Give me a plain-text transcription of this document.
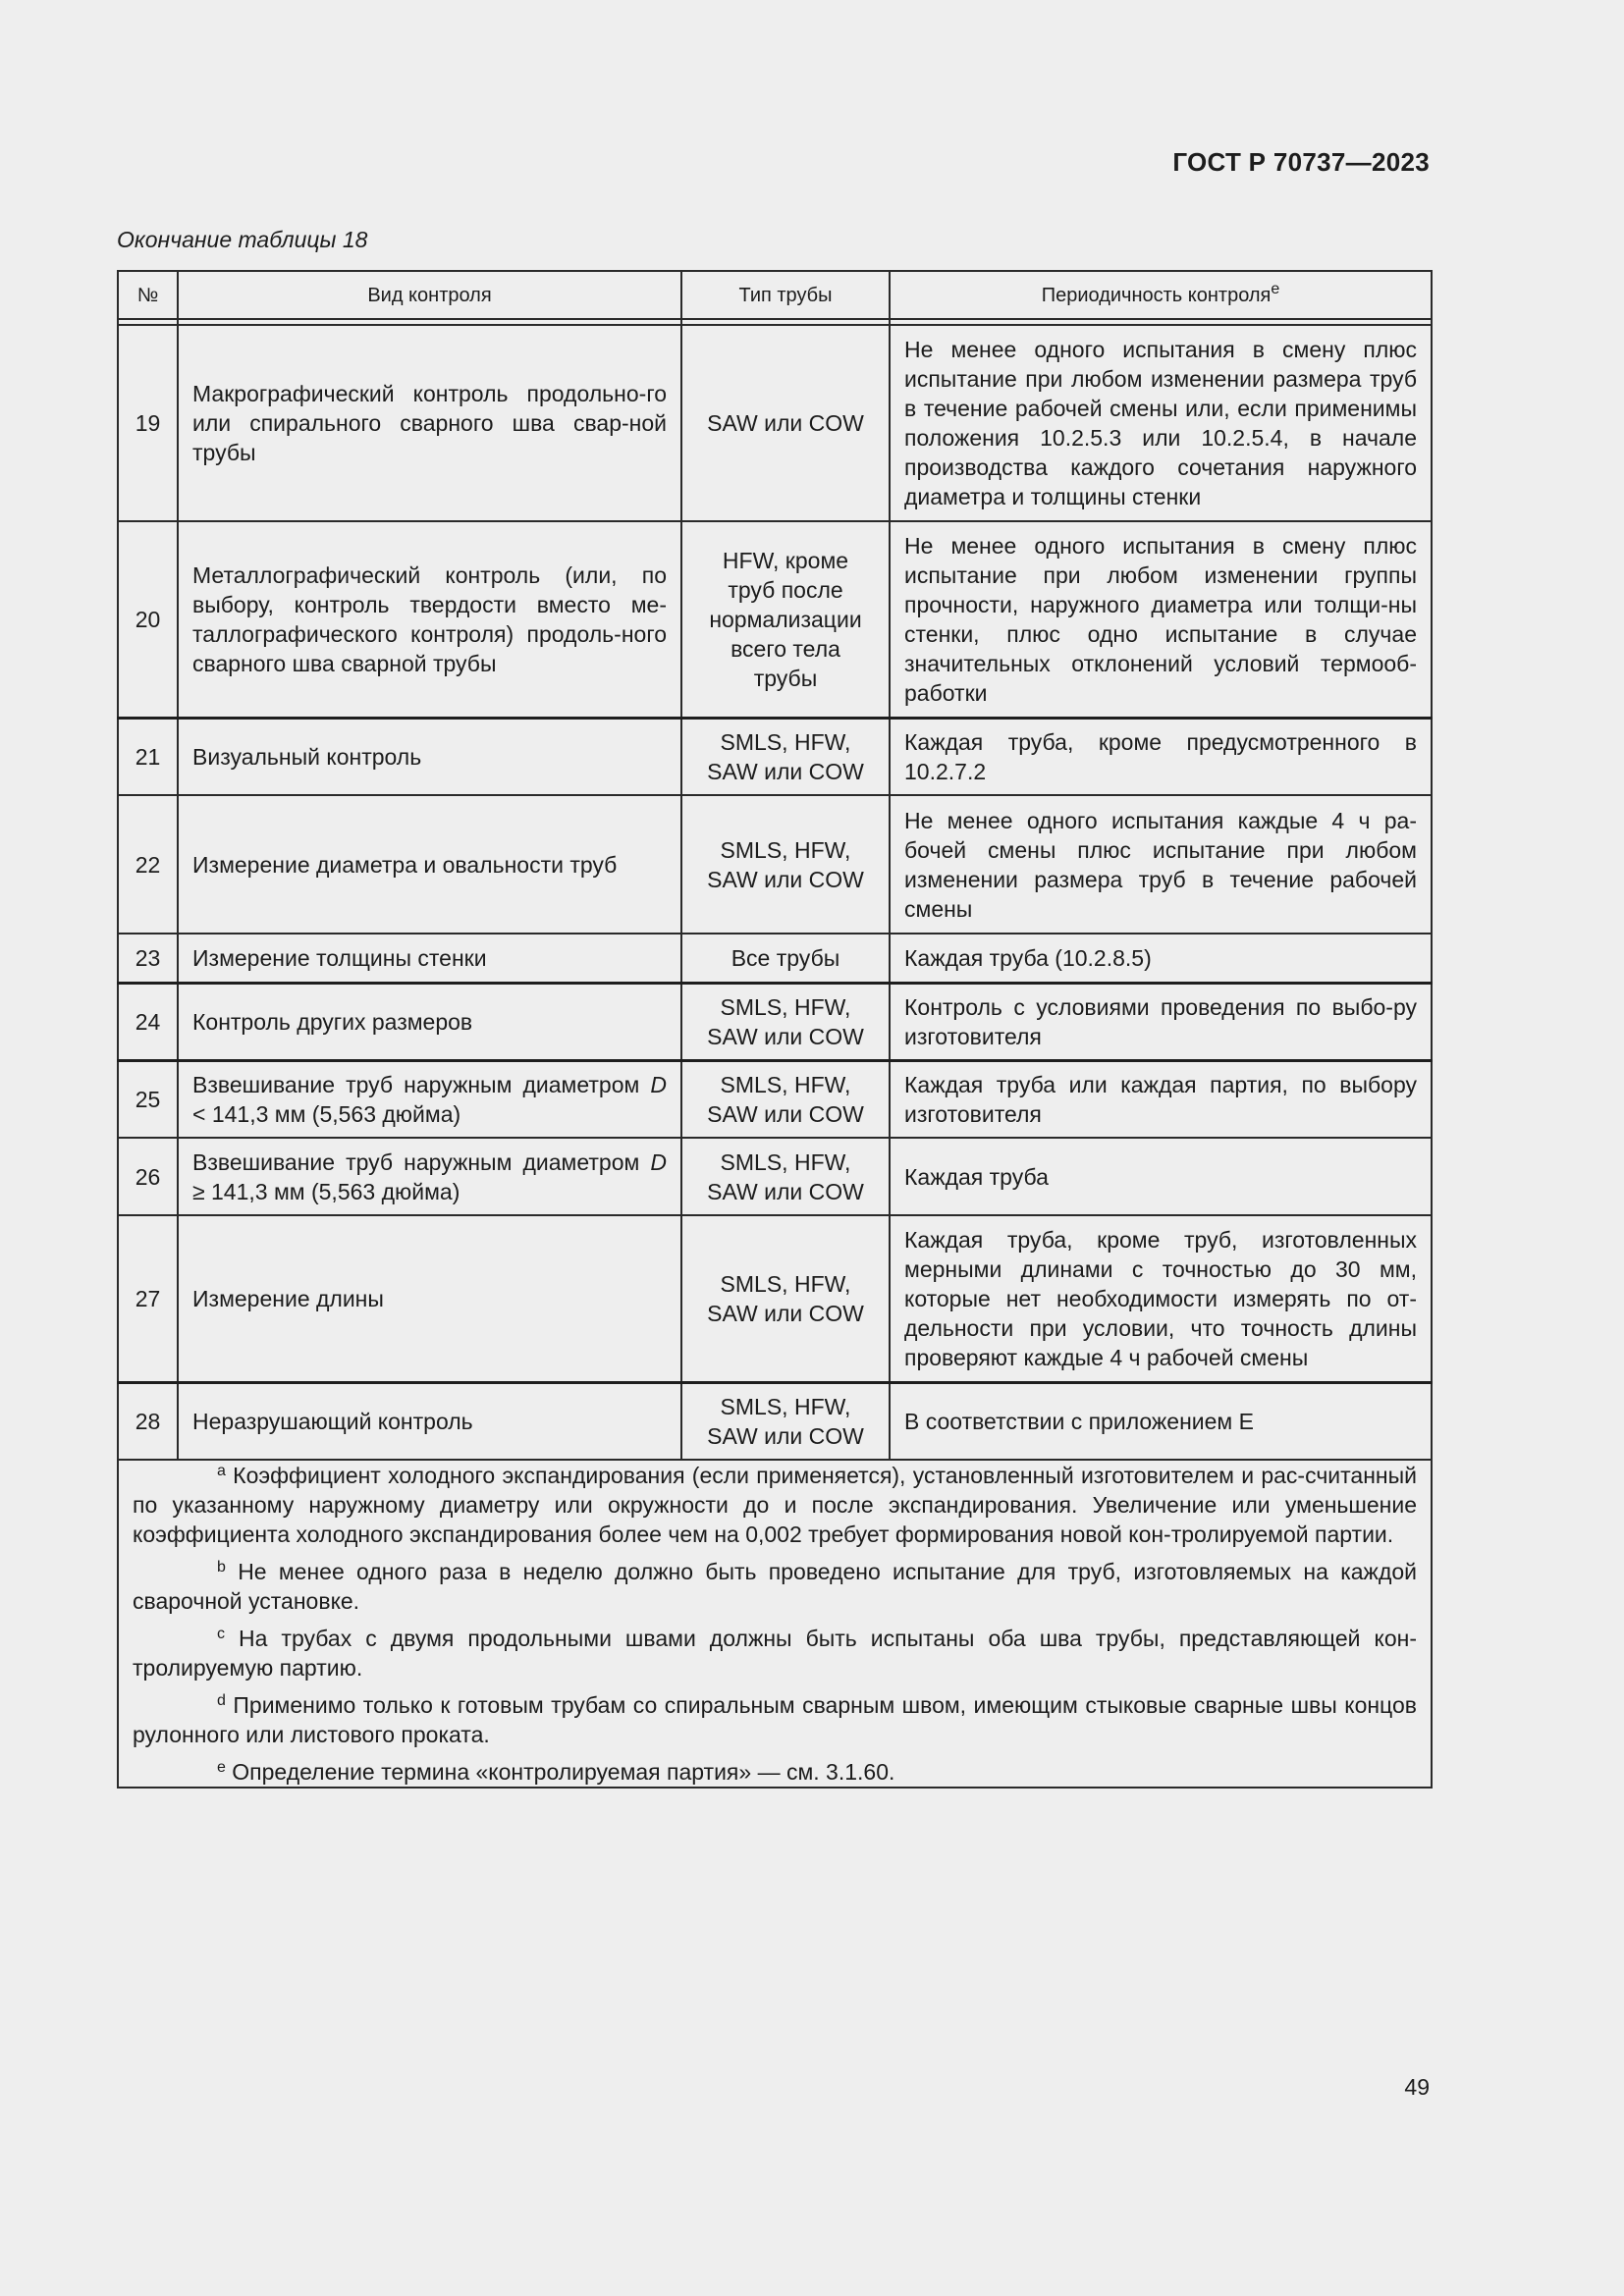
ГОСТ Р 70737—2023
Окончание таблицы 18
№	Вид контроля	Тип трубы	Периодичность контроля$^e$

19	Макрографический контроль продольно-го или спирального сварного шва свар-ной трубы	SAW или COW	Не менее одного испытания в смену плюс испытание при любом изменении размера труб в течение рабочей смены или, если применимы положения 10.2.5.3 или 10.2.5.4, в начале производства каждого сочетания наружного диаметра и толщины стенки
20	Металлографический контроль (или, по выбору, контроль твердости вместо ме-таллографического контроля) продоль-ного сварного шва сварной трубы	HFW, кроме труб после нормализации всего тела трубы	Не менее одного испытания в смену плюс испытание при любом изменении группы прочности, наружного диаметра или толщи-ны стенки, плюс одно испытание в случае значительных отклонений условий термооб-работки
21	Визуальный контроль	SMLS, HFW, SAW или COW	Каждая труба, кроме предусмотренного в 10.2.7.2
22	Измерение диаметра и овальности труб	SMLS, HFW, SAW или COW	Не менее одного испытания каждые 4 ч ра-бочей смены плюс испытание при любом изменении размера труб в течение рабочей смены
23	Измерение толщины стенки	Все трубы	Каждая труба (10.2.8.5)
24	Контроль других размеров	SMLS, HFW, SAW или COW	Контроль с условиями проведения по выбо-ру изготовителя
25	Взвешивание труб наружным диаметром D < 141,3 мм (5,563 дюйма)	SMLS, HFW, SAW или COW	Каждая труба или каждая партия, по выбору изготовителя
26	Взвешивание труб наружным диаметром D ≥ 141,3 мм (5,563 дюйма)	SMLS, HFW, SAW или COW	Каждая труба
27	Измерение длины	SMLS, HFW, SAW или COW	Каждая труба, кроме труб, изготовленных мерными длинами с точностью до 30 мм, которые нет необходимости измерять по от-дельности при условии, что точность длины проверяют каждые 4 ч рабочей смены
28	Неразрушающий контроль	SMLS, HFW, SAW или COW	В соответствии с приложением Е

$^a$ Коэффициент холодного экспандирования (если применяется), установленный изготовителем и рас-считанный по указанному наружному диаметру или окружности до и после экспандирования. Увеличение или уменьшение коэффициента холодного экспандирования более чем на 0,002 требует формирования новой кон-тролируемой партии.
$^b$ Не менее одного раза в неделю должно быть проведено испытание для труб, изготовляемых на каждой сварочной установке.
$^c$ На трубах с двумя продольными швами должны быть испытаны оба шва трубы, представляющей кон-тролируемую партию.
$^d$ Применимо только к готовым трубам со спиральным сварным швом, имеющим стыковые сварные швы концов рулонного или листового проката.
$^e$ Определение термина «контролируемая партия» — см. 3.1.60.			
49
